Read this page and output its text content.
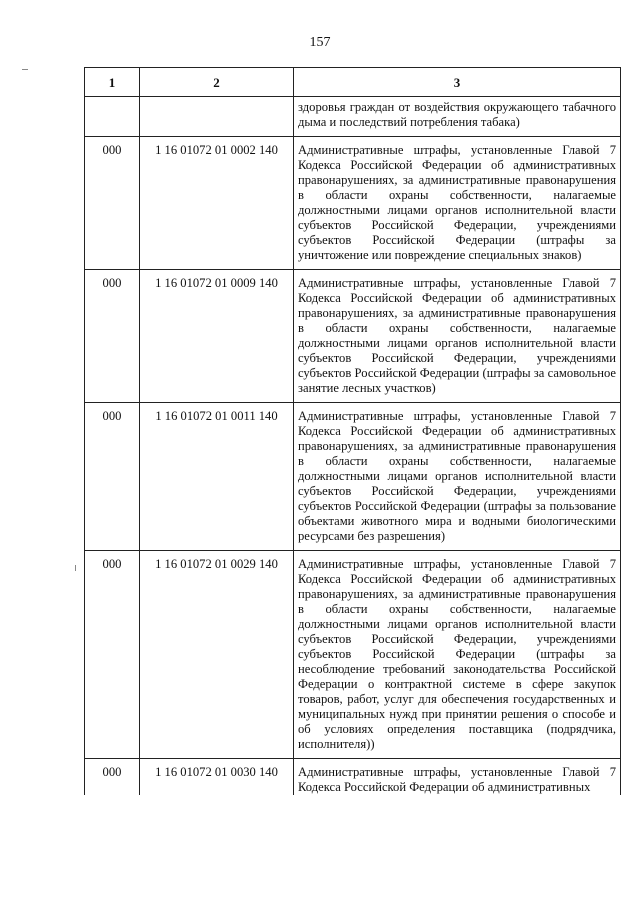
157
1	2	3
		здоровья граждан от воздействия окружающего табачного дыма и последствий потребления табака)
000	1 16 01072 01 0002 140	Административные штрафы, установленные Главой 7 Кодекса Российской Федерации об административных правонарушениях, за административные правонарушения в области охраны собственности, налагаемые должностными лицами органов исполнительной власти субъектов Российской Федерации, учреждениями субъектов Российской Федерации (штрафы за уничтожение или повреждение специальных знаков)
000	1 16 01072 01 0009 140	Административные штрафы, установленные Главой 7 Кодекса Российской Федерации об административных правонарушениях, за административные правонарушения в области охраны собственности, налагаемые должностными лицами органов исполнительной власти субъектов Российской Федерации, учреждениями субъектов Российской Федерации (штрафы за самовольное занятие лесных участков)
000	1 16 01072 01 0011 140	Административные штрафы, установленные Главой 7 Кодекса Российской Федерации об административных правонарушениях, за административные правонарушения в области охраны собственности, налагаемые должностными лицами органов исполнительной власти субъектов Российской Федерации, учреждениями субъектов Российской Федерации (штрафы за пользование объектами животного мира и водными биологическими ресурсами без разрешения)
000	1 16 01072 01 0029 140	Административные штрафы, установленные Главой 7 Кодекса Российской Федерации об административных правонарушениях, за административные правонарушения в области охраны собственности, налагаемые должностными лицами органов исполнительной власти субъектов Российской Федерации, учреждениями субъектов Российской Федерации (штрафы за несоблюдение требований законодательства Российской Федерации о контрактной системе в сфере закупок товаров, работ, услуг для обеспечения государственных и муниципальных нужд при принятии решения о способе и об условиях определения поставщика (подрядчика, исполнителя))
000	1 16 01072 01 0030 140	Административные штрафы, установленные Главой 7 Кодекса Российской Федерации об административных
